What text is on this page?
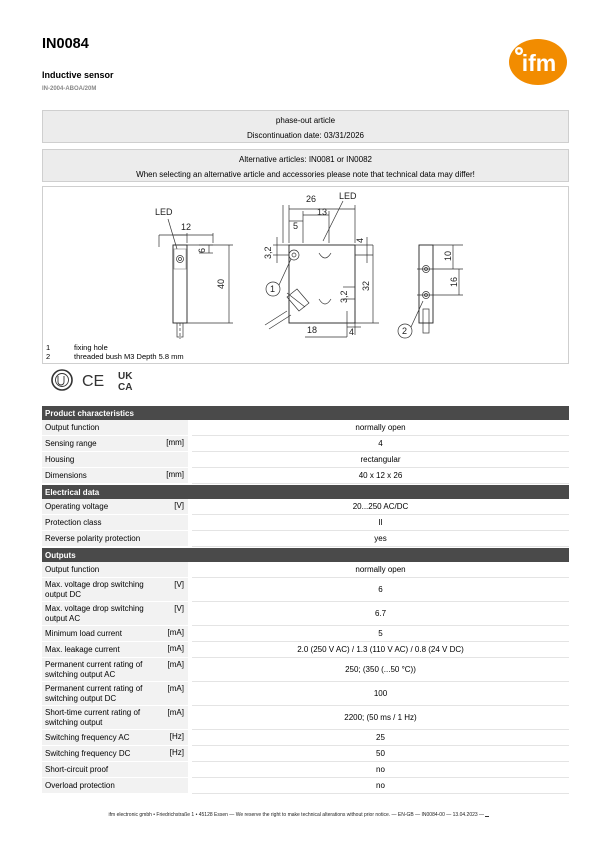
IN0084
Inductive sensor
IN-2004-ABOA/20M
ifm
phase-out article
Discontinuation date: 03/31/2026
Alternative articles: IN0081 or IN0082
When selecting an alternative article and accessories please note that technical data may differ!
LED
12
6
40
LED
26
13
5
3,2
4
3,2
32
18	4
1
10
16
2
1	fixing hole
2	threaded bush M3 Depth 5.8 mm
CE UK
CA
Product characteristics			
Output function			normally open
Sensing range	[mm]		4
Housing			rectangular
Dimensions	[mm]		40 x 12 x 26
Electrical data			
Operating voltage	[V]		20...250 AC/DC
Protection class			II
Reverse polarity protection			yes
Outputs			
Output function			normally open
Max. voltage drop switching output DC	[V]		6
Max. voltage drop switching output AC	[V]		6.7
Minimum load current	[mA]		5
Max. leakage current	[mA]		2.0 (250 V AC) / 1.3 (110 V AC) / 0.8 (24 V DC)
Permanent current rating of switching output AC	[mA]		250; (350 (...50 °C))
Permanent current rating of switching output DC	[mA]		100
Short-time current rating of switching output	[mA]		2200; (50 ms / 1 Hz)
Switching frequency AC	[Hz]		25
Switching frequency DC	[Hz]		50
Short-circuit proof			no
Overload protection			no
ifm electronic gmbh • Friedrichstraße 1 • 45128 Essen — We reserve the right to make technical alterations without prior notice. — EN-GB — IN0084-00 — 13.04.2023 —
